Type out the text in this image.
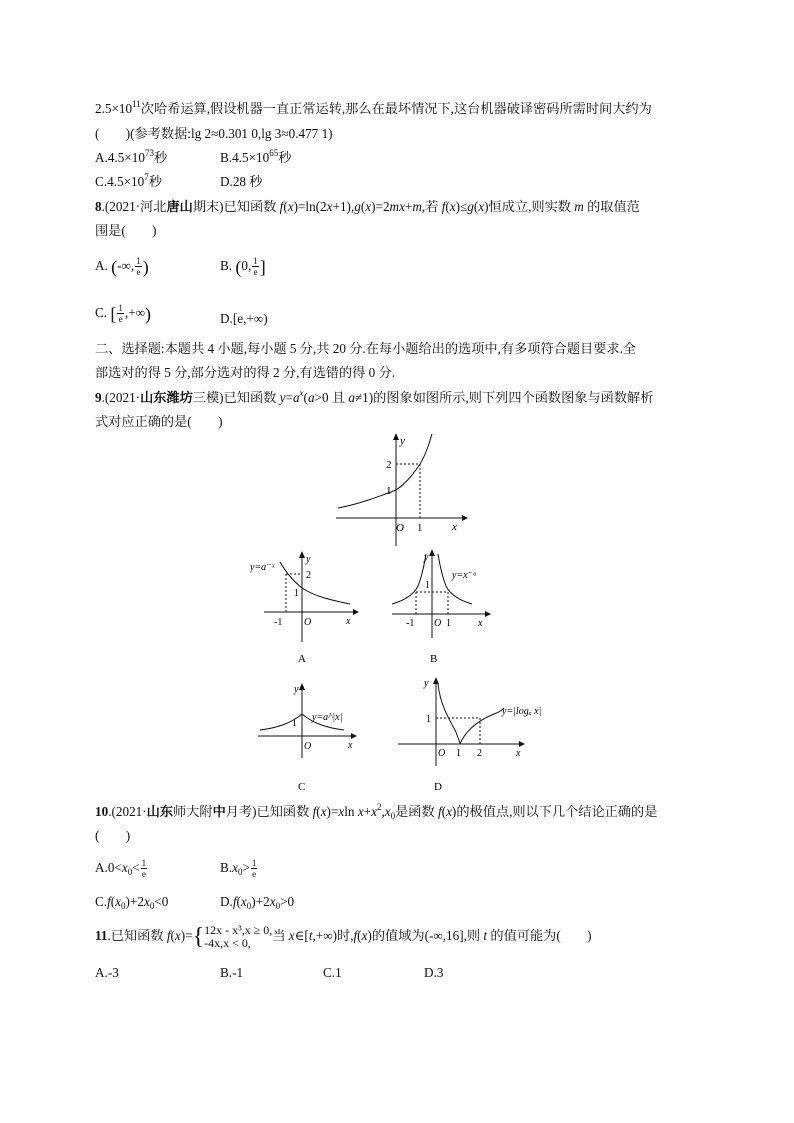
$2.5\times 10^{11}$次哈希运算,假设机器一直正常运转,那么在最坏情况下,这台机器破译密码所需时间大约为
(　　)(参考数据:lg 2≈0.301 0,lg 3≈0.477 1)
$A.4.5\times 10^{73}$秒	$B.4.5\times 10^{65}$秒
$C.4.5\times 10^7$秒	D.28 秒
8.(2021·河北唐山期末)已知函数 f(x)=ln(2x+1),g(x)=2mx+m,若 f(x)≤g(x)恒成立,则实数 m 的取值范
围是(　　)
A. (-∞, $\frac{1}{e}$ )	B. (0, $\frac{1}{e}$ ]
C. [ $\frac{1}{e}$ ,+∞)	D.[e,+∞)
二、选择题:本题共 4 小题,每小题 5 分,共 20 分.在每小题给出的选项中,有多项符合题目要求.全
部选对的得 5 分,部分选对的得 2 分,有选错的得 0 分.
9.(2021·山东潍坊三模)已知函数 $y=a^x(a>0$ 且 a≠1)的图象如图所示,则下列四个函数图象与函数解析
式对应正确的是(　　)
2
1
1
O	x
y
y=a⁻ˣ
2
1
-1 O	x
y
A
y=x⁻ᵃ
1
-1 O 1	x
y
B
1
y=a^|x|
O	x
y
C
1
O 1 2	x
y
y=|logₐ x|
D
10.(2021·山东师大附中月考)已知函数 f(x)=xln $x+x^2,x_0$是函数 f(x)的极值点,则以下几个结论正确的是
(　　)
$A.0<x_0< \frac{1}{e}$	$B.x_0> \frac{1}{e}$
$C.f(x_0)+2x_0<0$	$D.f(x_0)+2x_0>0$
11.已知函数 f(x)={ 12x - x³,x ≥ 0,
-4x,x < 0,	当 x∈[t,+∞)时,f(x)的值域为(-∞,16],则 t 的值可能为(　　)
A.-3	B.-1	C.1	D.3
